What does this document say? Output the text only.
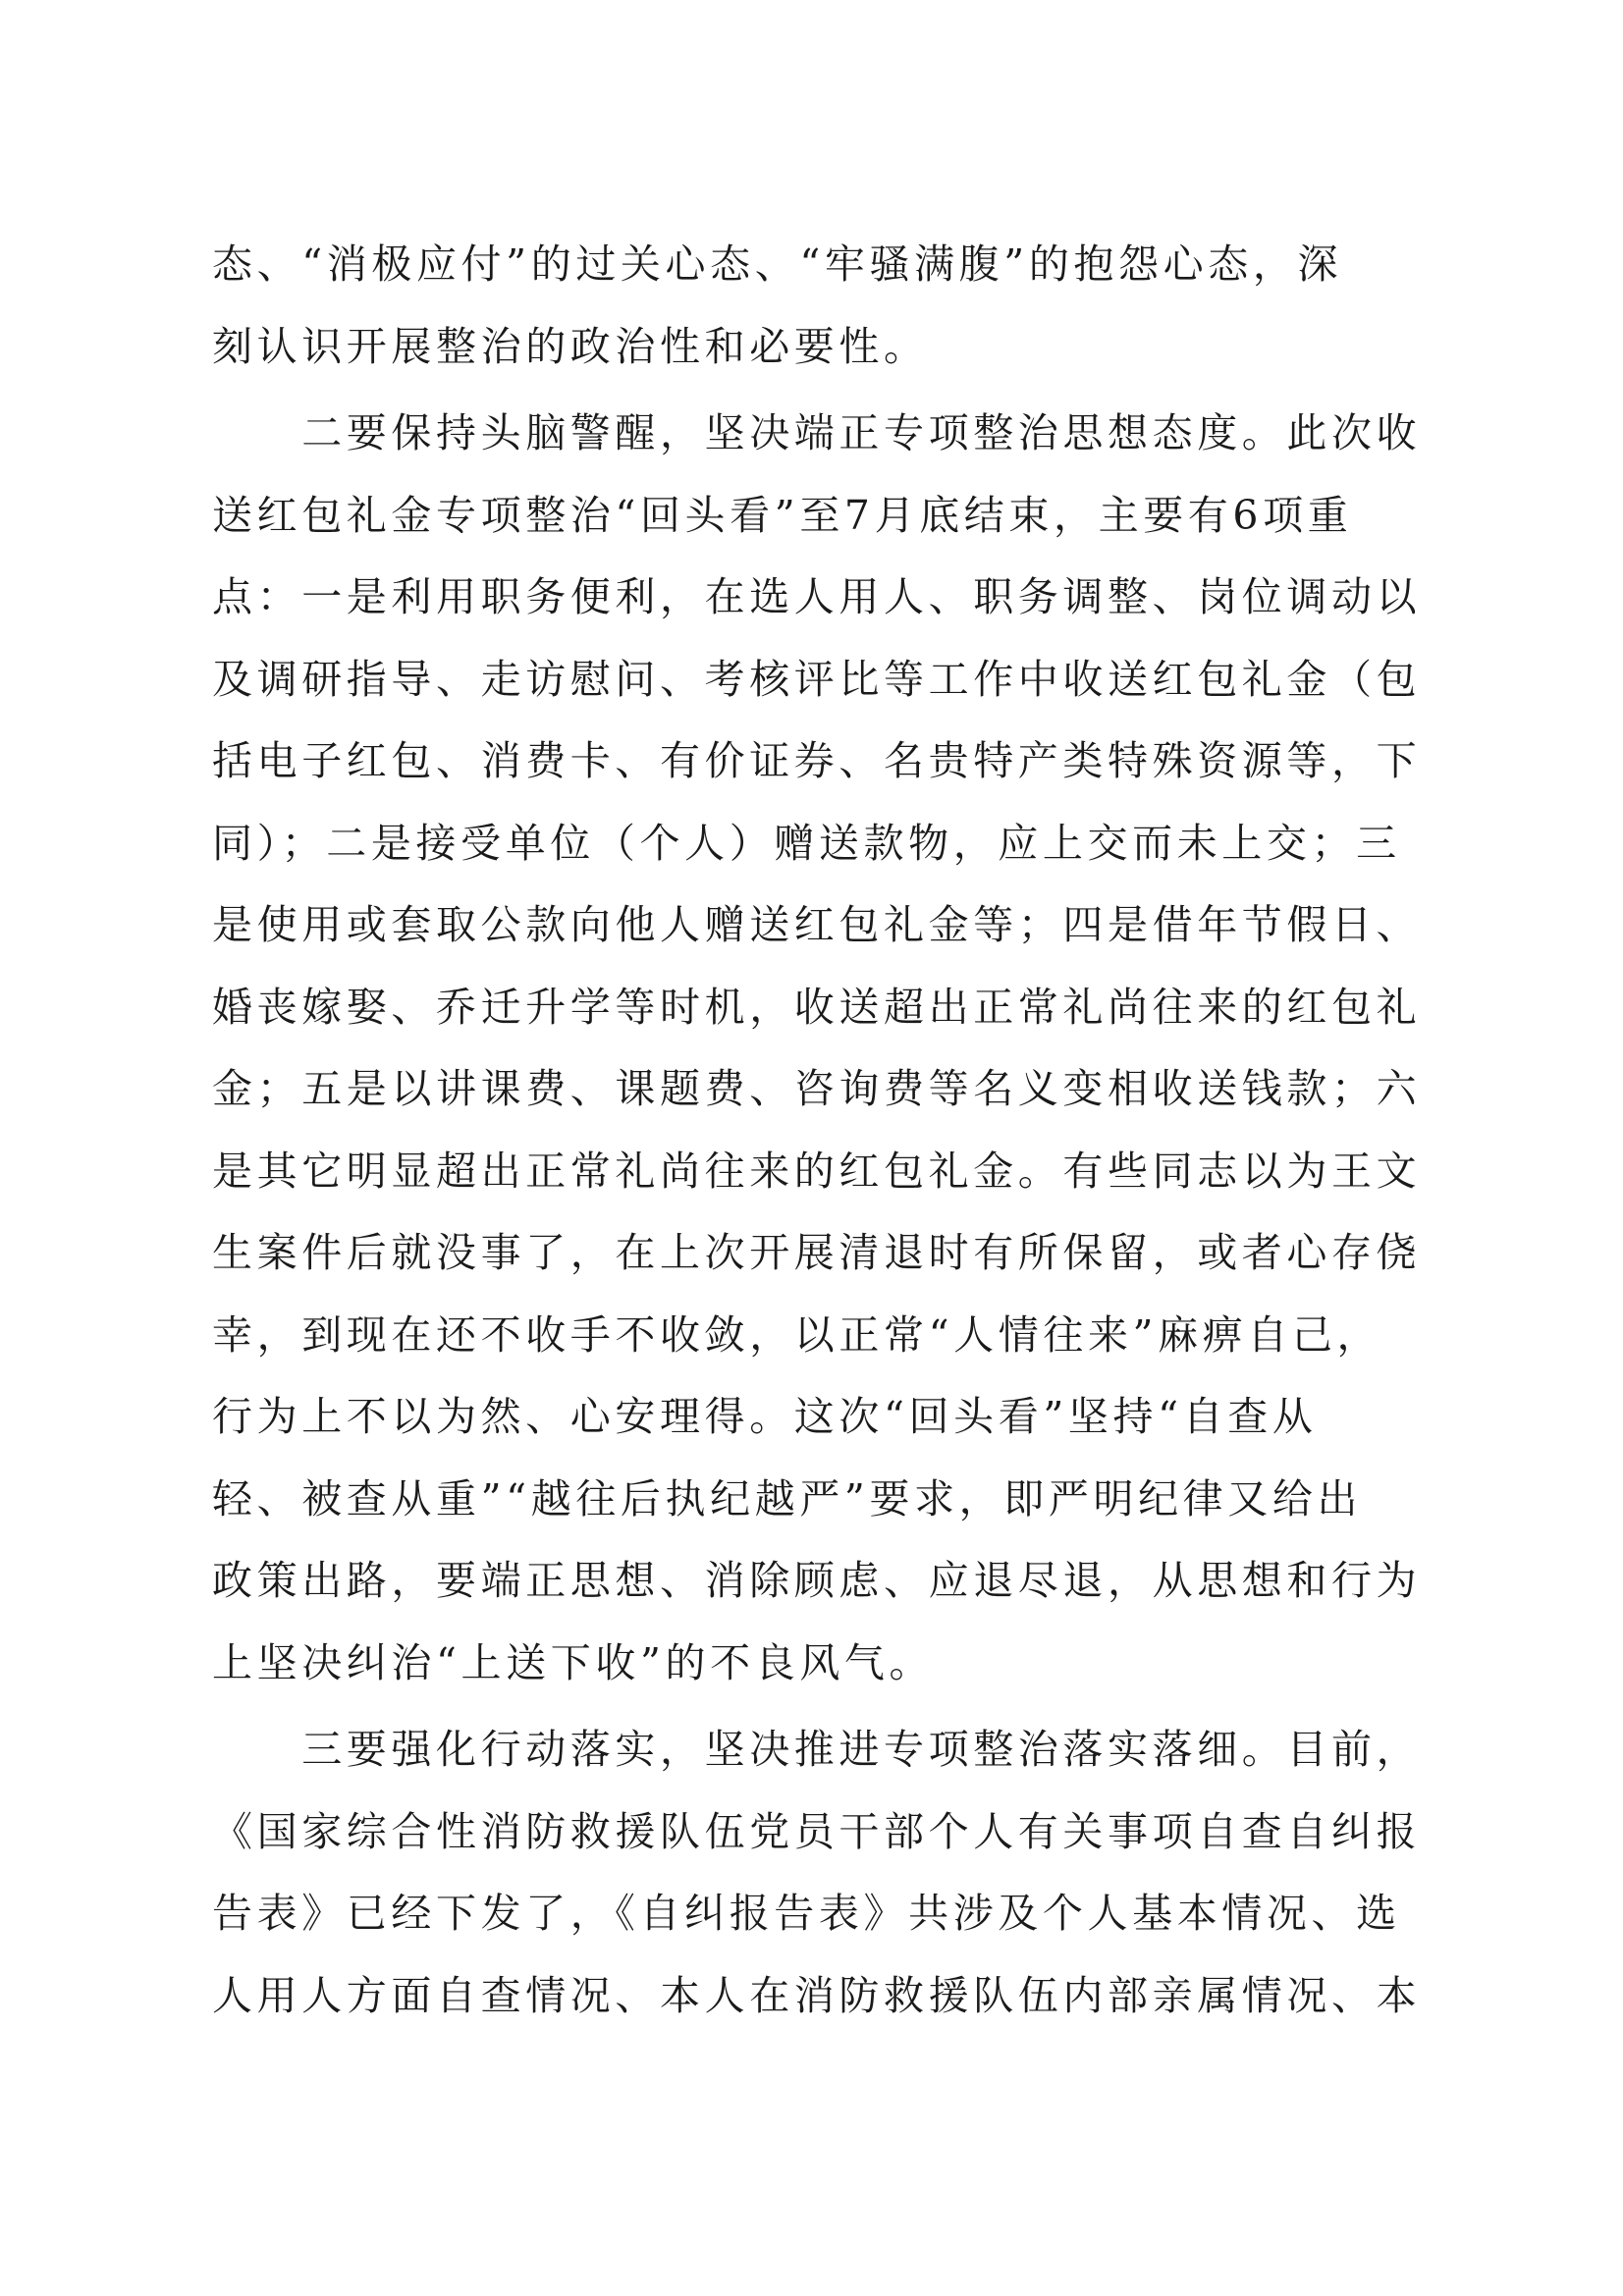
态、“消极应付”的过关心态、“牢骚满腹”的抱怨心态，深
刻认识开展整治的政治性和必要性。
　　二要保持头脑警醒，坚决端正专项整治思想态度。此次收
送红包礼金专项整治“回头看”至7月底结束，主要有6项重
点：一是利用职务便利，在选人用人、职务调整、岗位调动以
及调研指导、走访慰问、考核评比等工作中收送红包礼金（包
括电子红包、消费卡、有价证券、名贵特产类特殊资源等，下
同）；二是接受单位（个人）赠送款物，应上交而未上交；三
是使用或套取公款向他人赠送红包礼金等；四是借年节假日、
婚丧嫁娶、乔迁升学等时机，收送超出正常礼尚往来的红包礼
金；五是以讲课费、课题费、咨询费等名义变相收送钱款；六
是其它明显超出正常礼尚往来的红包礼金。有些同志以为王文
生案件后就没事了，在上次开展清退时有所保留，或者心存侥
幸，到现在还不收手不收敛，以正常“人情往来”麻痹自己，
行为上不以为然、心安理得。这次“回头看”坚持“自查从
轻、被查从重”“越往后执纪越严”要求，即严明纪律又给出
政策出路，要端正思想、消除顾虑、应退尽退，从思想和行为
上坚决纠治“上送下收”的不良风气。
　　三要强化行动落实，坚决推进专项整治落实落细。目前，
《国家综合性消防救援队伍党员干部个人有关事项自查自纠报
告表》已经下发了，《自纠报告表》共涉及个人基本情况、选
人用人方面自查情况、本人在消防救援队伍内部亲属情况、本
